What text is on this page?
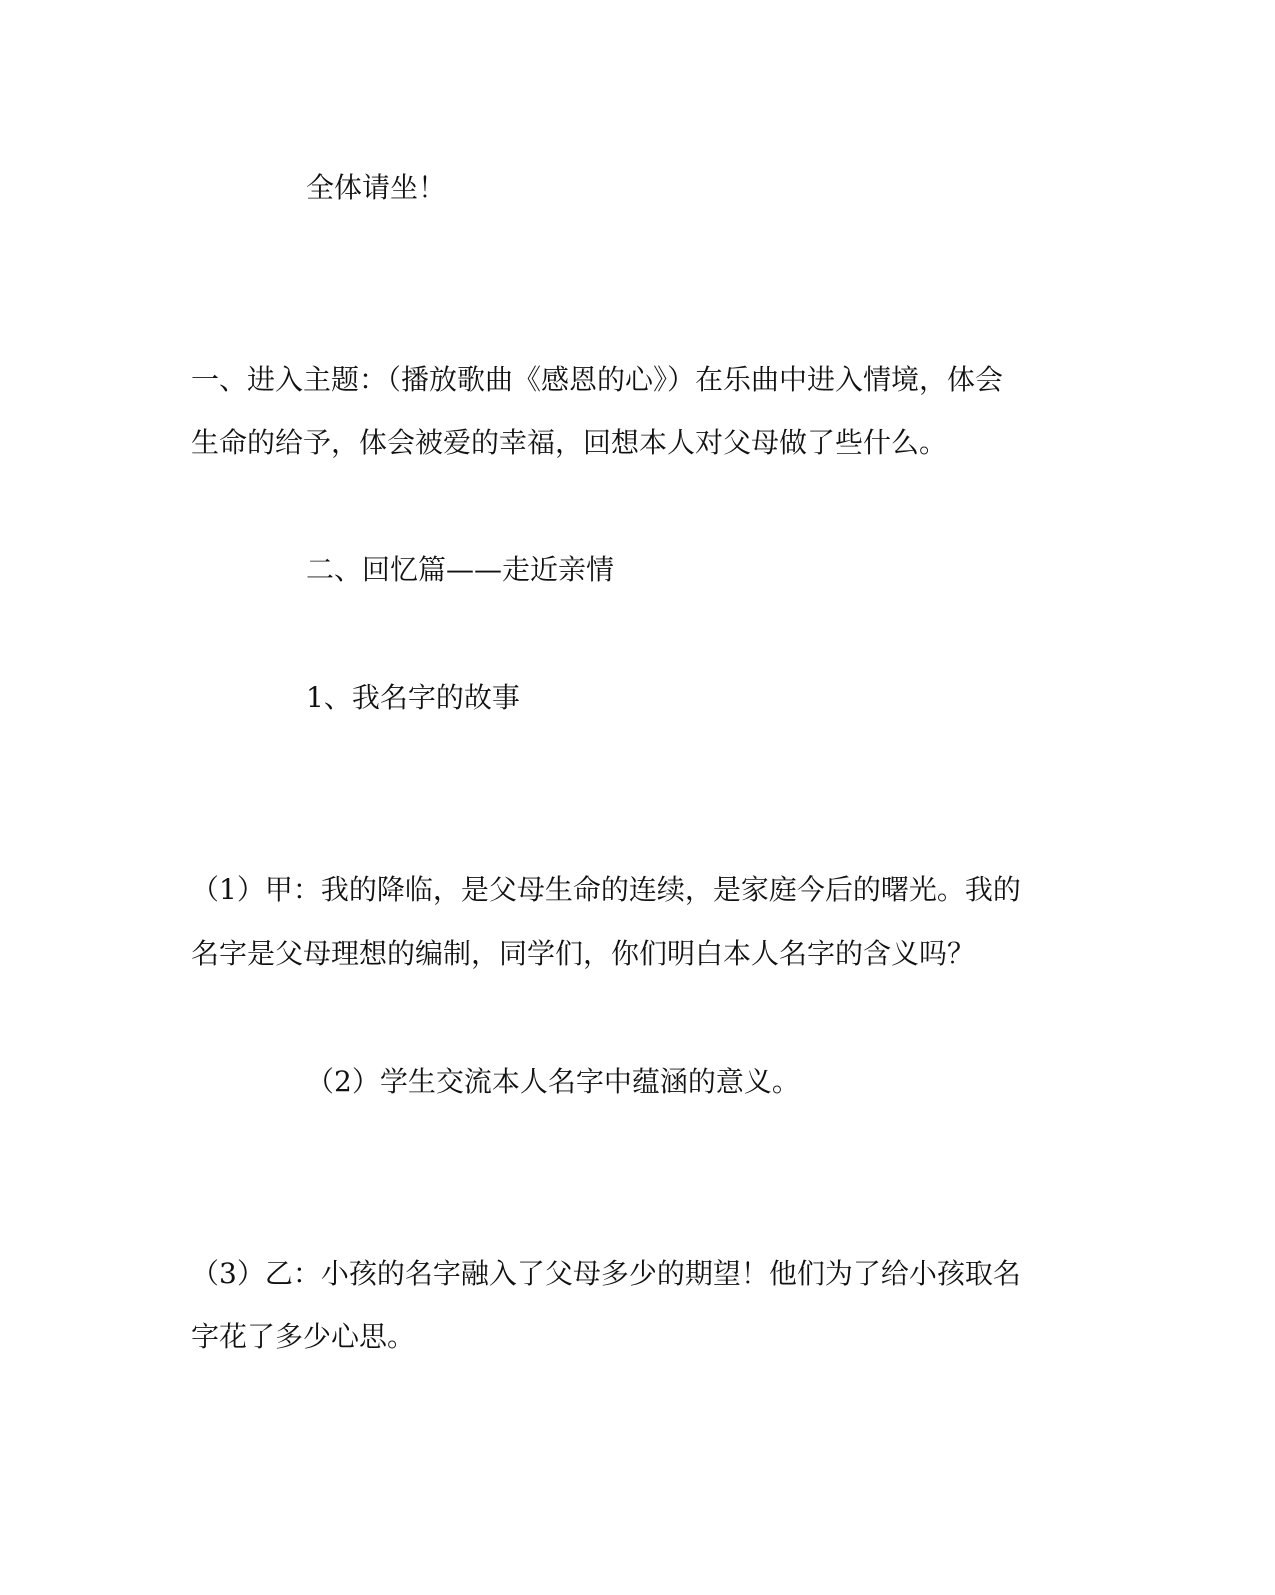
全体请坐！
一、进入主题：（播放歌曲《感恩的心》）在乐曲中进入情境，体会
生命的给予，体会被爱的幸福，回想本人对父母做了些什么。
二、回忆篇——走近亲情
1、我名字的故事
（1）甲：我的降临，是父母生命的连续，是家庭今后的曙光。我的
名字是父母理想的编制，同学们，你们明白本人名字的含义吗？
（2）学生交流本人名字中蕴涵的意义。
（3）乙：小孩的名字融入了父母多少的期望！他们为了给小孩取名
字花了多少心思。
